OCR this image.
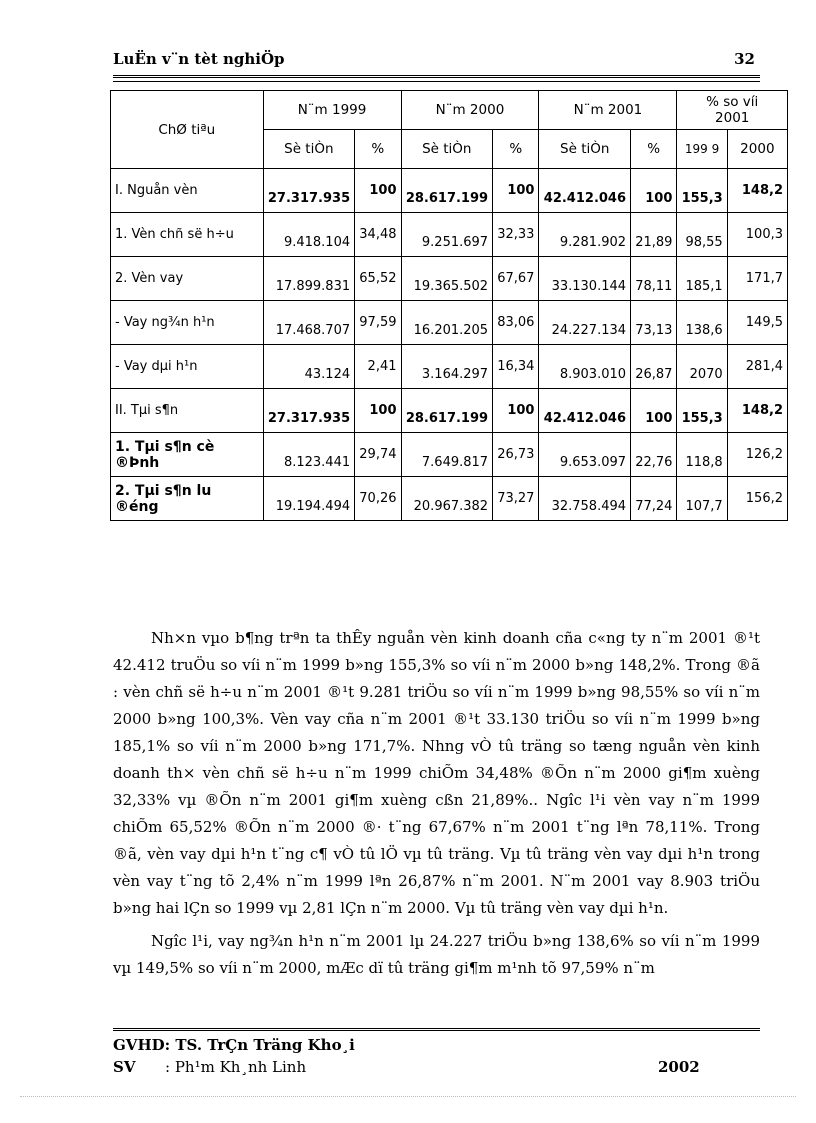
LuËn v¨n tèt nghiÖp	32
ChØ tiªu	N¨m 1999		N¨m 2000		N¨m 2001		% so víi
2001	

	Sè tiÒn	%	Sè tiÒn	%	Sè tiÒn	%	199 9	2000
I. Nguån vèn	27.317.935	100	28.617.199	100	42.412.046	100	155,3	148,2
1. Vèn chñ së h÷u	9.418.104	34,48	9.251.697	32,33	9.281.902	21,89	98,55	100,3
2. Vèn vay	17.899.831	65,52	19.365.502	67,67	33.130.144	78,11	185,1	171,7
- Vay ng¾n h¹n	17.468.707	97,59	16.201.205	83,06	24.227.134	73,13	138,6	149,5
- Vay dµi h¹n	43.124	2,41	3.164.297	16,34	8.903.010	26,87	2070	281,4
II. Tµi s¶n	27.317.935	100	28.617.199	100	42.412.046	100	155,3	148,2
1. Tµi s¶n cè ®Þnh	8.123.441	29,74	7.649.817	26,73	9.653.097	22,76	118,8	126,2
2. Tµi s¶n lu ®éng	19.194.494	70,26	20.967.382	73,27	32.758.494	77,24	107,7	156,2

Nh×n vµo b¶ng trªn ta thÊy nguån vèn kinh doanh cña c«ng ty n¨m 2001 ®¹t 42.412 truÖu so víi n¨m 1999 b»ng 155,3% so víi n¨m 2000 b»ng 148,2%. Trong ®ã : vèn chñ së h÷u n¨m 2001 ®¹t 9.281 triÖu so víi n¨m 1999 b»ng 98,55% so víi n¨m 2000 b»ng 100,3%. Vèn vay cña n¨m 2001 ®¹t 33.130 triÖu so víi n¨m 1999 b»ng 185,1% so víi n¨m 2000 b»ng 171,7%. Nhng vÒ tû träng so tæng nguån vèn kinh doanh th× vèn chñ së h÷u n¨m 1999 chiÕm 34,48% ®Õn n¨m 2000 gi¶m xuèng 32,33% vµ ®Õn n¨m 2001 gi¶m xuèng cßn 21,89%.. Ngîc l¹i vèn vay n¨m 1999 chiÕm 65,52% ®Õn n¨m 2000 ®· t¨ng 67,67% n¨m 2001 t¨ng lªn 78,11%. Trong ®ã, vèn vay dµi h¹n t¨ng c¶ vÒ tû lÖ vµ tû träng. Vµ tû träng vèn vay dµi h¹n trong vèn vay t¨ng tõ 2,4% n¨m 1999 lªn 26,87% n¨m 2001. N¨m 2001 vay 8.903 triÖu b»ng hai lÇn so 1999 vµ 2,81 lÇn n¨m 2000. Vµ tû träng vèn vay dµi h¹n.

Ngîc l¹i, vay ng¾n h¹n n¨m 2001 lµ 24.227 triÖu b»ng 138,6% so víi n¨m 1999 vµ 149,5% so víi n¨m 2000, mÆc dï tû träng gi¶m m¹nh tõ 97,59% n¨m

GVHD: TS. TrÇn Träng Kho¸i
SV : Ph¹m Kh¸nh Linh	2002
